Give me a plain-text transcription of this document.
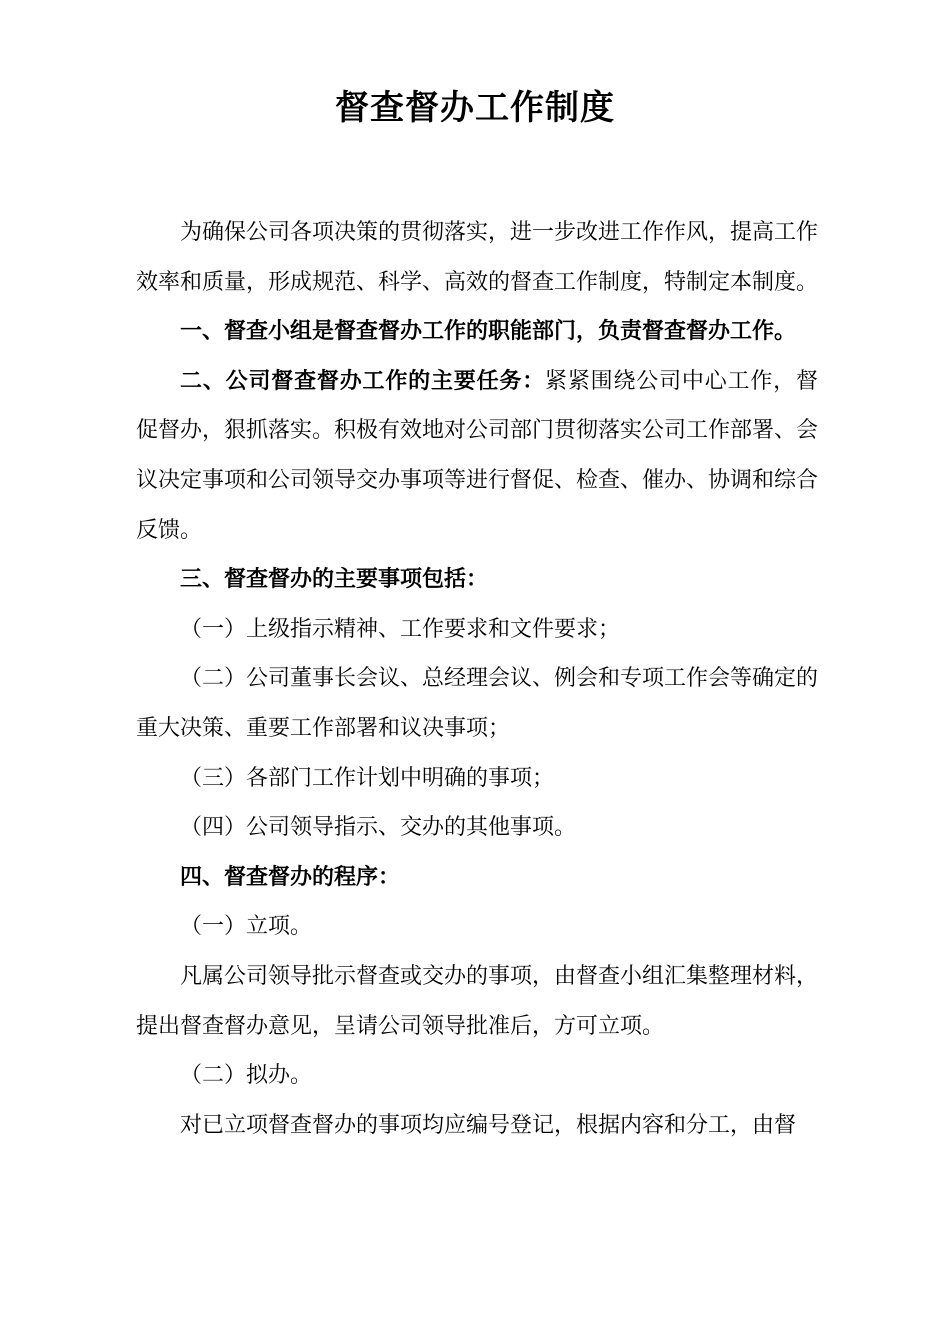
督查督办工作制度

为确保公司各项决策的贯彻落实，进一步改进工作作风，提高工作效率和质量，形成规范、科学、高效的督查工作制度，特制定本制度。

一、督查小组是督查督办工作的职能部门，负责督查督办工作。

二、公司督查督办工作的主要任务：紧紧围绕公司中心工作，督促督办，狠抓落实。积极有效地对公司部门贯彻落实公司工作部署、会议决定事项和公司领导交办事项等进行督促、检查、催办、协调和综合反馈。

三、督查督办的主要事项包括：

（一）上级指示精神、工作要求和文件要求；

（二）公司董事长会议、总经理会议、例会和专项工作会等确定的重大决策、重要工作部署和议决事项；

（三）各部门工作计划中明确的事项；

（四）公司领导指示、交办的其他事项。

四、督查督办的程序：

（一）立项。

凡属公司领导批示督查或交办的事项，由督查小组汇集整理材料，提出督查督办意见，呈请公司领导批准后，方可立项。

（二）拟办。

对已立项督查督办的事项均应编号登记，根据内容和分工，由督
